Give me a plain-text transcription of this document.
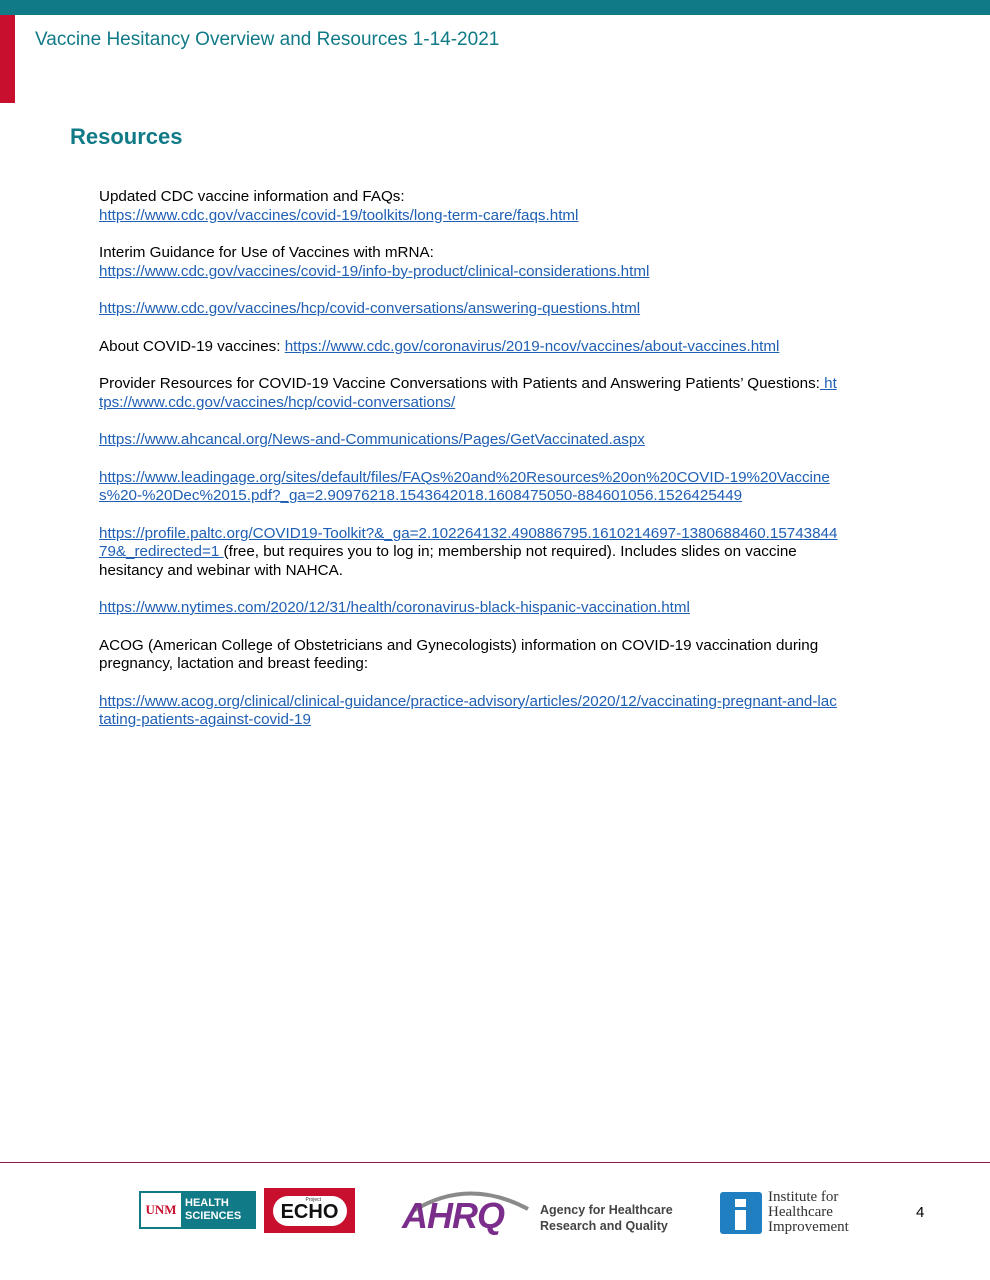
Vaccine Hesitancy Overview and Resources 1-14-2021
Resources

Updated CDC vaccine information and FAQs:
https://www.cdc.gov/vaccines/covid-19/toolkits/long-term-care/faqs.html

Interim Guidance for Use of Vaccines with mRNA:
https://www.cdc.gov/vaccines/covid-19/info-by-product/clinical-considerations.html

https://www.cdc.gov/vaccines/hcp/covid-conversations/answering-questions.html

About COVID-19 vaccines: https://www.cdc.gov/coronavirus/2019-ncov/vaccines/about-vaccines.html

Provider Resources for COVID-19 Vaccine Conversations with Patients and Answering Patients’ Questions: https://www.cdc.gov/vaccines/hcp/covid-conversations/

https://www.ahcancal.org/News-and-Communications/Pages/GetVaccinated.aspx

https://www.leadingage.org/sites/default/files/FAQs%20and%20Resources%20on%20COVID-19%20Vaccines%20-%20Dec%2015.pdf?_ga=2.90976218.1543642018.1608475050-884601056.1526425449

https://profile.paltc.org/COVID19-Toolkit?&_ga=2.102264132.490886795.1610214697-1380688460.1574384479&_redirected=1 (free, but requires you to log in; membership not required). Includes slides on vaccine hesitancy and webinar with NAHCA.

https://www.nytimes.com/2020/12/31/health/coronavirus-black-hispanic-vaccination.html

ACOG (American College of Obstetricians and Gynecologists) information on COVID-19 vaccination during pregnancy, lactation and breast feeding:

https://www.acog.org/clinical/clinical-guidance/practice-advisory/articles/2020/12/vaccinating-pregnant-and-lactating-patients-against-covid-19

UNM HEALTH
SCIENCES
Project
ECHO AHRQ	Agency for Healthcare
Research and Quality
Institute for
Healthcare
Improvement
4
